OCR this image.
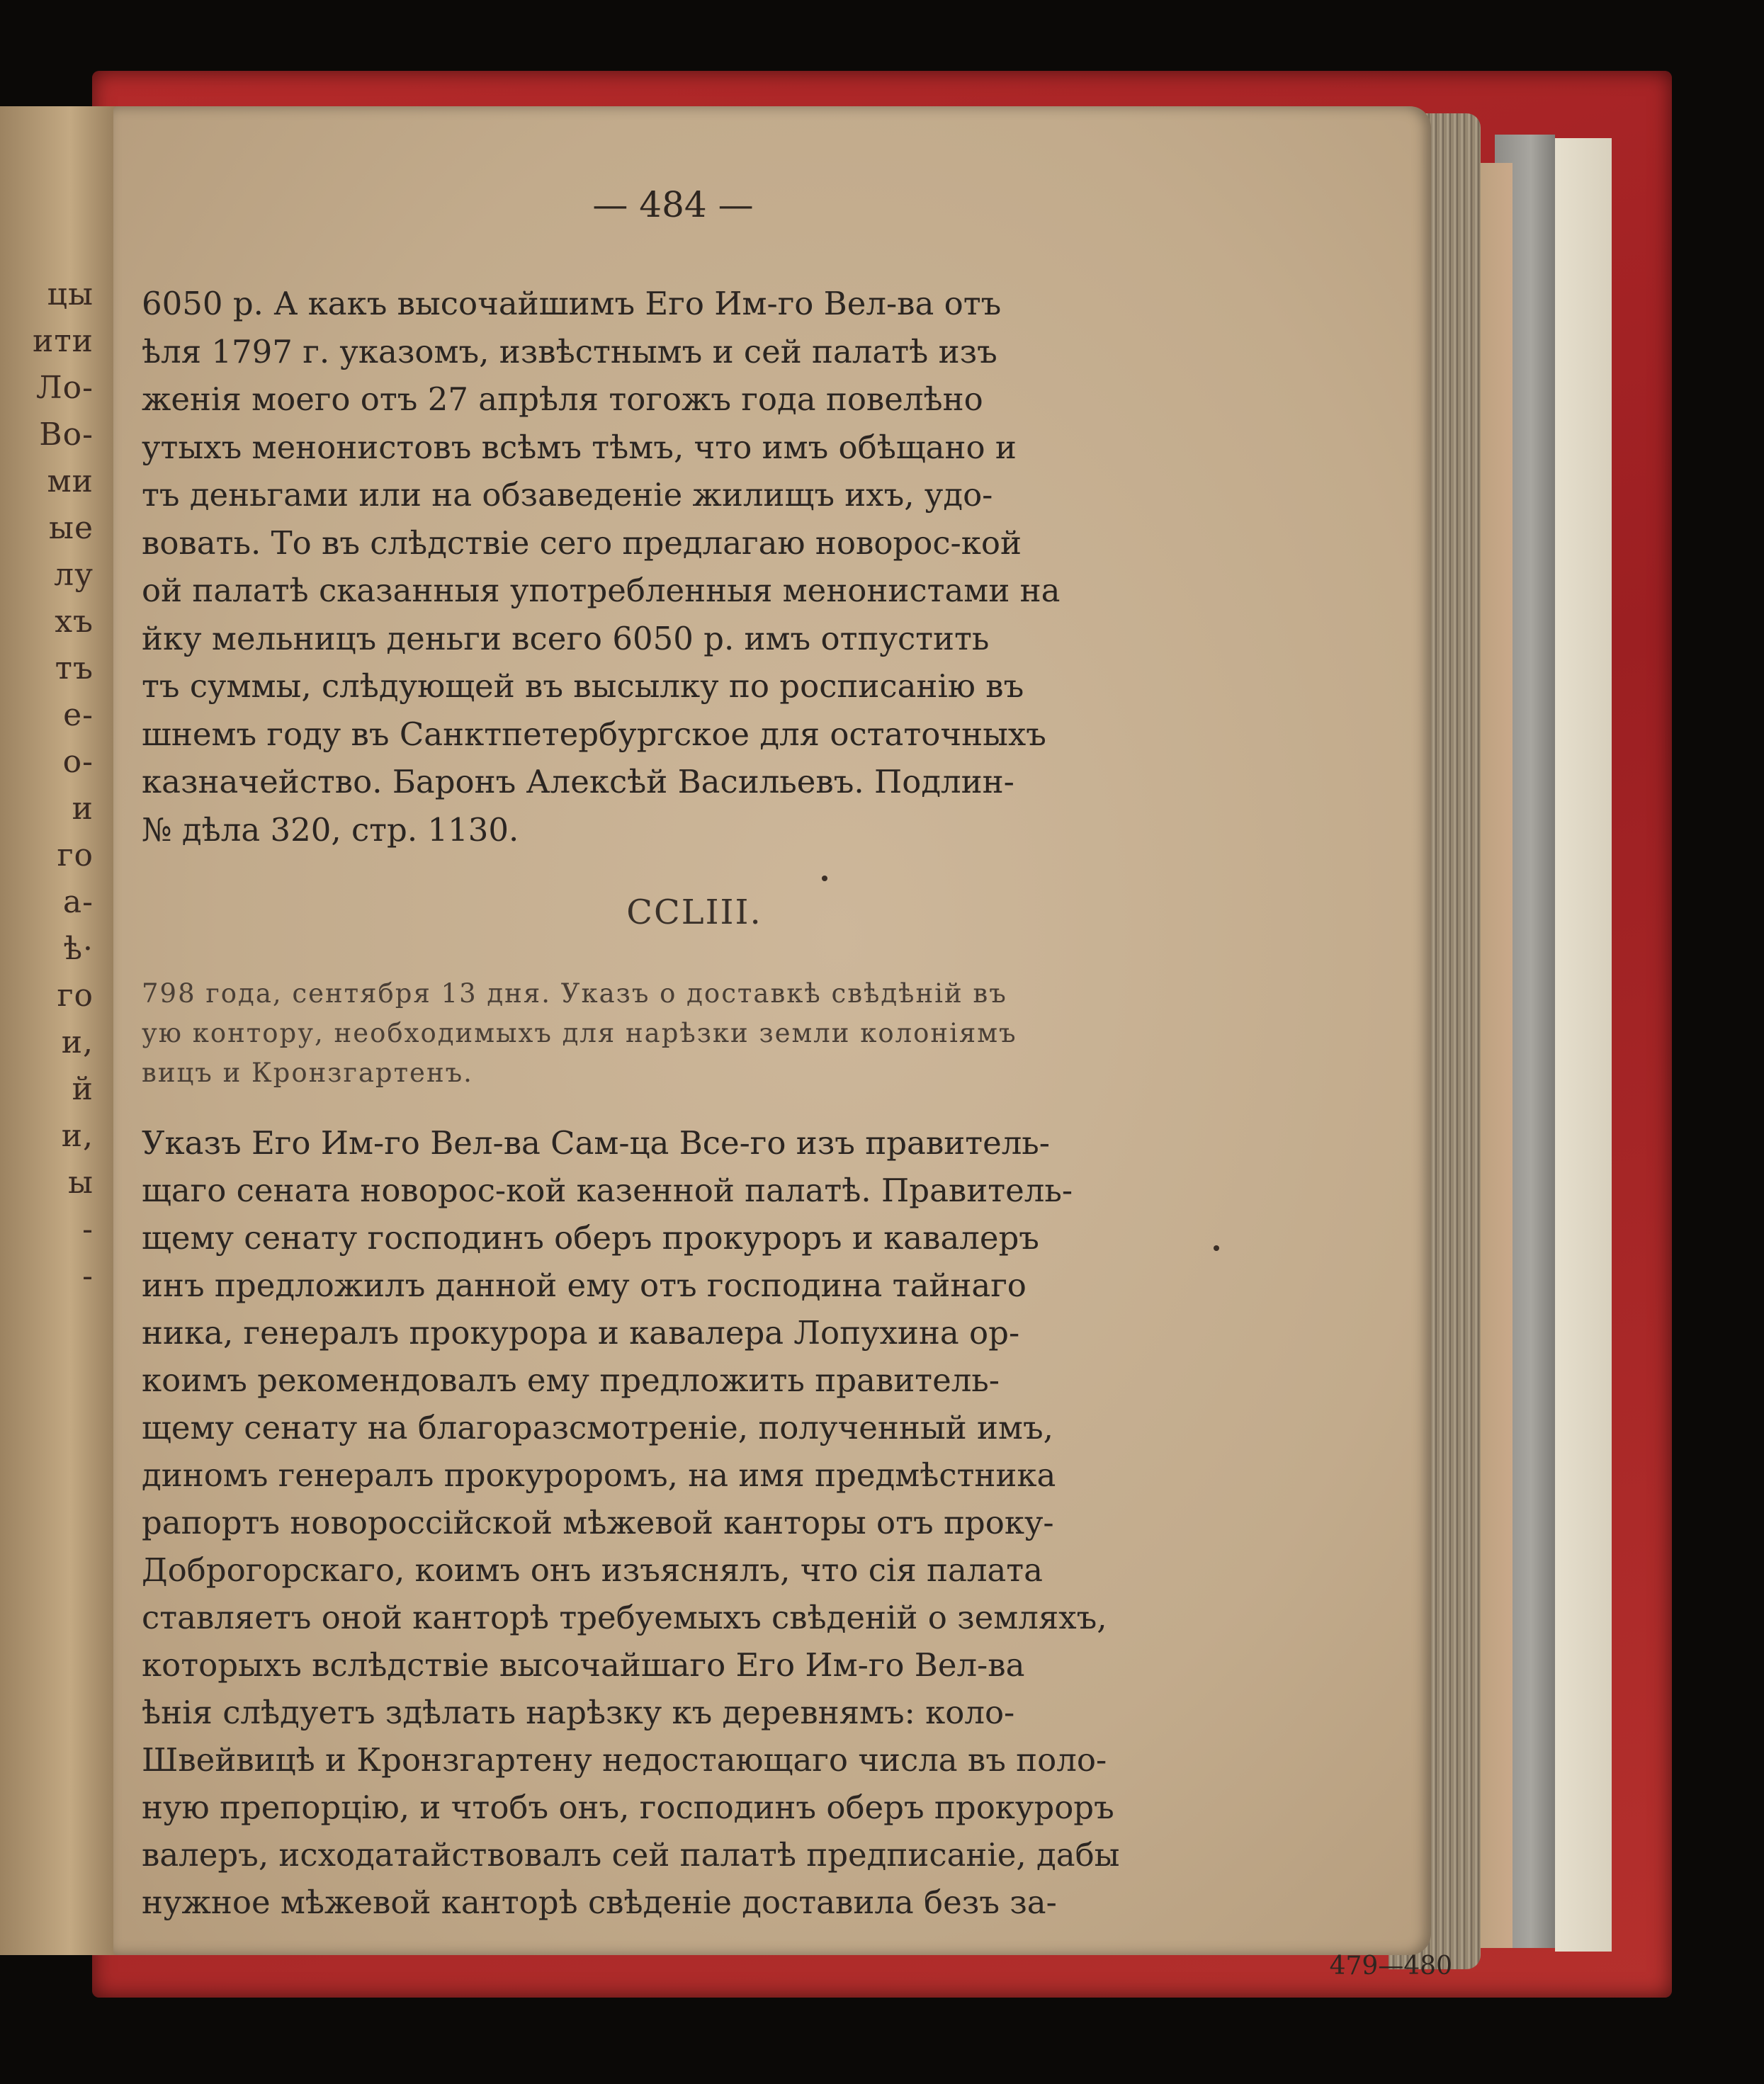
цы
ити
Ло-
Во-
ми
ые
лу
хъ
тъ
е-
о-
и
го
а-
ѣ·
го
и,
й
и,
ы
-
-
— 484 —
6050 р. А какъ высочайшимъ Его Им-го Вел-ва отъ
ѣля 1797 г. указомъ, извѣстнымъ и сей палатѣ изъ
женія моего отъ 27 апрѣля тогожъ года повелѣно
утыхъ менонистовъ всѣмъ тѣмъ, что имъ обѣщано и
тъ деньгами или на обзаведеніе жилищъ ихъ, удо-
вовать. То въ слѣдствіе сего предлагаю новорос-кой
ой палатѣ сказанныя употребленныя менонистами на
йку мельницъ деньги всего 6050 р. имъ отпустить
тъ суммы, слѣдующей въ высылку по росписанію въ
шнемъ году въ Санктпетербургское для остаточныхъ
казначейство. Баронъ Алексѣй Васильевъ. Подлин-
№ дѣла 320, стр. 1130.
CCLIII.
798 года, сентября 13 дня. Указъ о доставкѣ свѣдѣній въ
ую контору, необходимыхъ для нарѣзки земли колоніямъ
вицъ и Кронзгартенъ.
Указъ Его Им-го Вел-ва Сам-ца Все-го изъ правитель-
щаго сената новорос-кой казенной палатѣ. Правитель-
щему сенату господинъ оберъ прокуроръ и кавалеръ
инъ предложилъ данной ему отъ господина тайнаго
ника, генералъ прокурора и кавалера Лопухина ор-
коимъ рекомендовалъ ему предложить правитель-
щему сенату на благоразсмотреніе, полученный имъ,
диномъ генералъ прокуроромъ, на имя предмѣстника
рапортъ новороссійской мѣжевой канторы отъ проку-
Доброгорскаго, коимъ онъ изъяснялъ, что сія палата
ставляетъ оной канторѣ требуемыхъ свѣденій о земляхъ,
которыхъ вслѣдствіе высочайшаго Его Им-го Вел-ва
ѣнія слѣдуетъ здѣлать нарѣзку къ деревнямъ: коло-
Швейвицѣ и Кронзгартену недостающаго числа въ поло-
ную препорцію, и чтобъ онъ, господинъ оберъ прокуроръ
валеръ, исходатайствовалъ сей палатѣ предписаніе, дабы
нужное мѣжевой канторѣ свѣденіе доставила безъ за-
479—480
